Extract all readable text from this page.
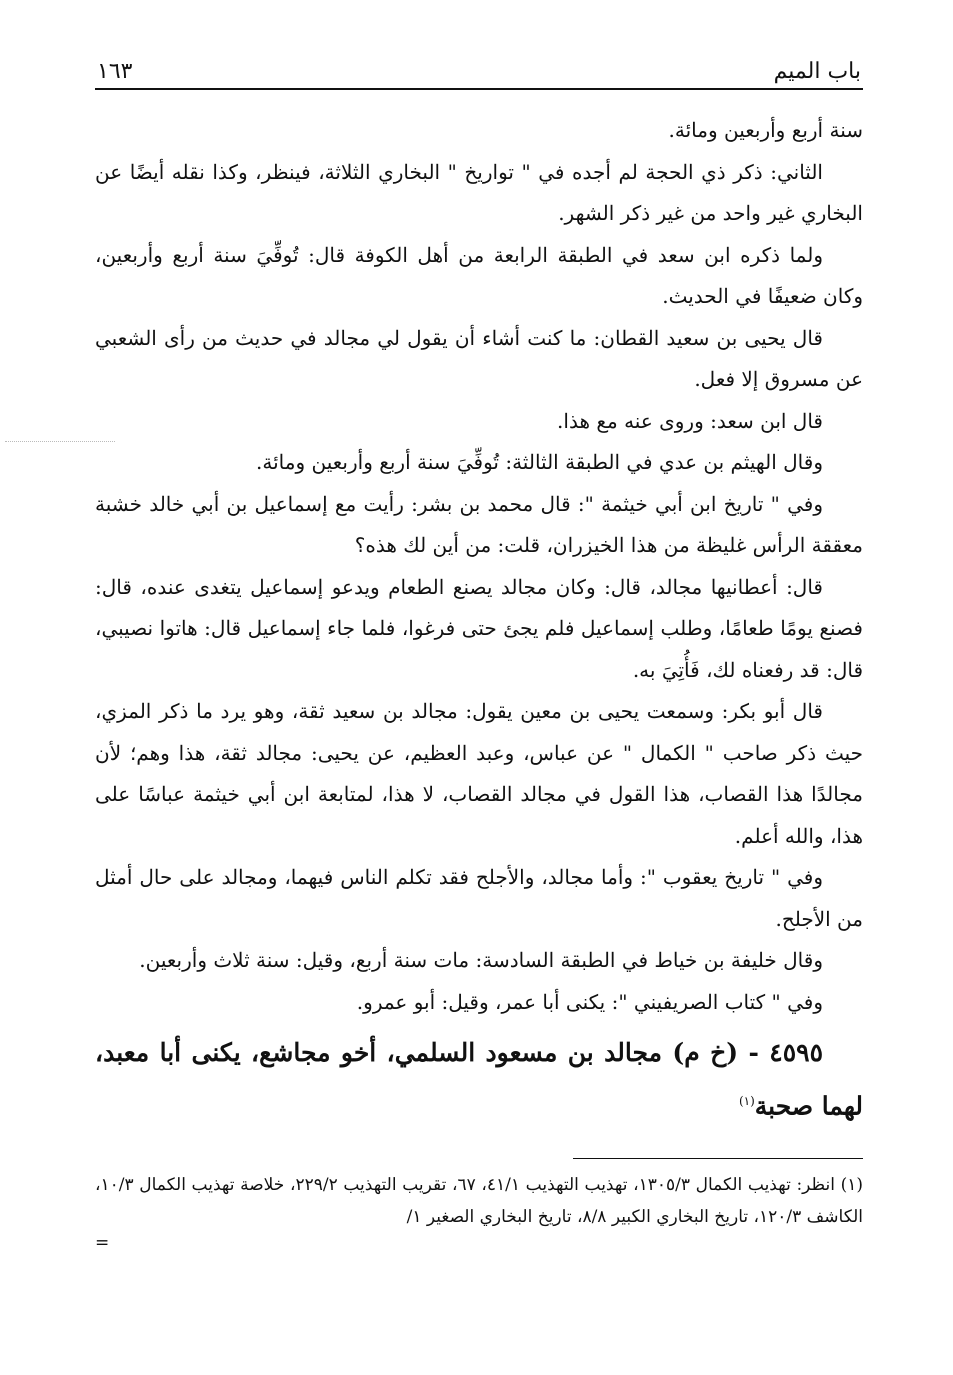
باب الميم
١٦٣

سنة أربع وأربعين ومائة.

الثاني: ذكر ذي الحجة لم أجده في " تواريخ " البخاري الثلاثة، فينظر، وكذا نقله أيضًا عن البخاري غير واحد من غير ذكر الشهر.

ولما ذكره ابن سعد في الطبقة الرابعة من أهل الكوفة قال: تُوفِّيَ سنة أربع وأربعين، وكان ضعيفًا في الحديث.

قال يحيى بن سعيد القطان: ما كنت أشاء أن يقول لي مجالد في حديث من رأى الشعبي عن مسروق إلا فعل.

قال ابن سعد: وروى عنه مع هذا.

وقال الهيثم بن عدي في الطبقة الثالثة: تُوفِّيَ سنة أربع وأربعين ومائة.

وفي " تاريخ ابن أبي خيثمة ": قال محمد بن بشر: رأيت مع إسماعيل بن أبي خالد خشبة معققة الرأس غليظة من هذا الخيزران، قلت: من أين لك هذه؟

قال: أعطانيها مجالد، قال: وكان مجالد يصنع الطعام ويدعو إسماعيل يتغدى عنده، قال: فصنع يومًا طعامًا، وطلب إسماعيل فلم يجئ حتى فرغوا، فلما جاء إسماعيل قال: هاتوا نصيبي، قال: قد رفعناه لك، فَأُتِيَ به.

قال أبو بكر: وسمعت يحيى بن معين يقول: مجالد بن سعيد ثقة، وهو يرد ما ذكر المزي، حيث ذكر صاحب " الكمال " عن عباس، وعبد العظيم، عن يحيى: مجالد ثقة، هذا وهم؛ لأن مجالدًا هذا القصاب، هذا القول في مجالد القصاب، لا هذا، لمتابعة ابن أبي خيثمة عباسًا على هذا، والله أعلم.

وفي " تاريخ يعقوب ": وأما مجالد، والأجلح فقد تكلم الناس فيهما، ومجالد على حال أمثل من الأجلح.

وقال خليفة بن خياط في الطبقة السادسة: مات سنة أربع، وقيل: سنة ثلاث وأربعين.

وفي " كتاب الصريفيني ": يكنى أبا عمر، وقيل: أبو عمرو.

٤٥٩٥ - (خ م) مجالد بن مسعود السلمي، أخو مجاشع، يكنى أبا معبد، لهما صحبة$^{(١)}$

(١) انظر: تهذيب الكمال ١٣٠٥/٣، تهذيب التهذيب ٤١/١، ٦٧، تقريب التهذيب ٢٢٩/٢، خلاصة تهذيب الكمال ١٠/٣، الكاشف ١٢٠/٣، تاريخ البخاري الكبير ٨/٨، تاريخ البخاري الصغير ١/

=
